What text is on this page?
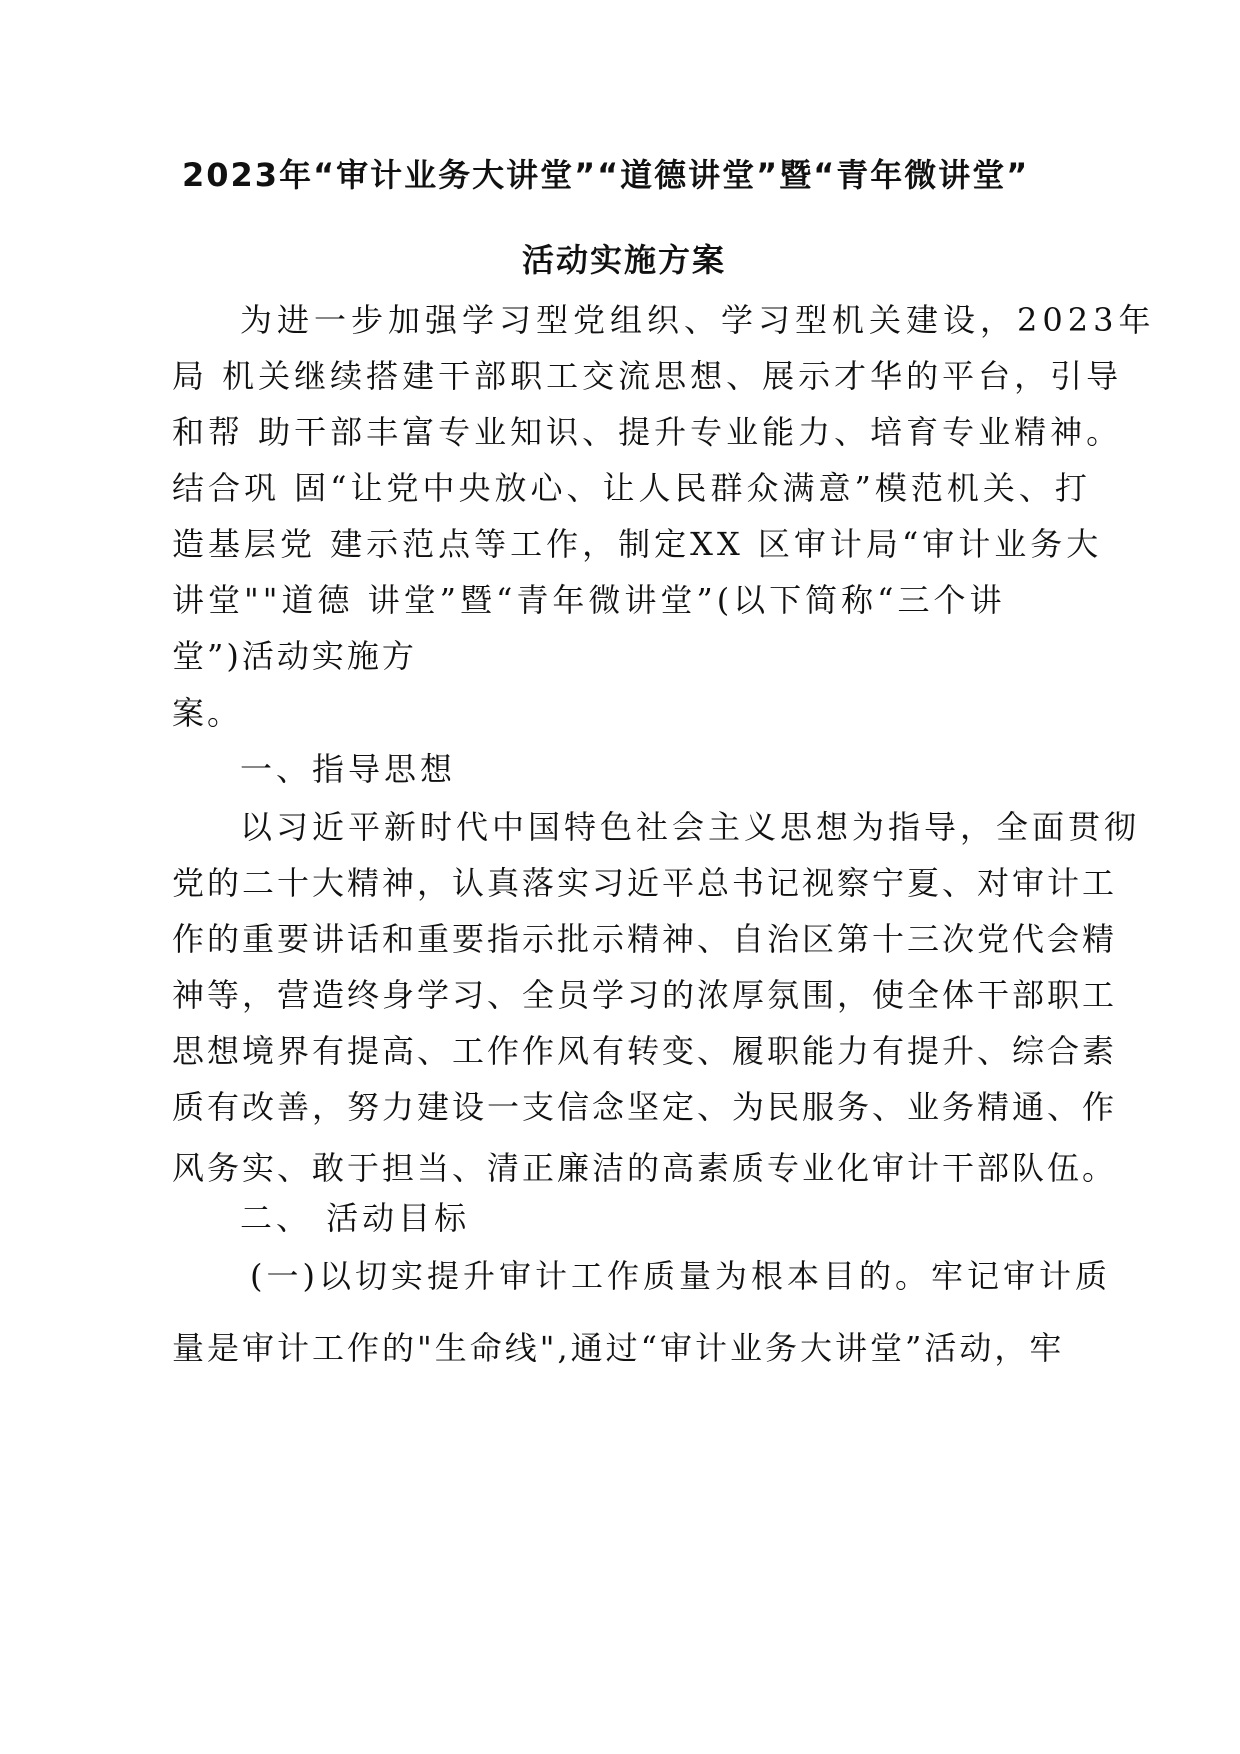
2023年“审计业务大讲堂”“道德讲堂”暨“青年微讲堂”

活动实施方案

为进一步加强学习型党组织、学习型机关建设，2023年

局 机关继续搭建干部职工交流思想、展示才华的平台，引导

和帮 助干部丰富专业知识、提升专业能力、培育专业精神。

结合巩 固“让党中央放心、让人民群众满意”模范机关、打

造基层党 建示范点等工作，制定XX 区审计局“审计业务大

讲堂""道德 讲堂”暨“青年微讲堂”(以下简称“三个讲

堂”)活动实施方

案。

一、指导思想

以习近平新时代中国特色社会主义思想为指导，全面贯彻

党的二十大精神，认真落实习近平总书记视察宁夏、对审计工

作的重要讲话和重要指示批示精神、自治区第十三次党代会精

神等，营造终身学习、全员学习的浓厚氛围，使全体干部职工

思想境界有提高、工作作风有转变、履职能力有提升、综合素

质有改善，努力建设一支信念坚定、为民服务、业务精通、作

风务实、敢于担当、清正廉洁的高素质专业化审计干部队伍。

二、 活动目标

(一)以切实提升审计工作质量为根本目的。牢记审计质

量是审计工作的"生命线",通过“审计业务大讲堂”活动，牢
